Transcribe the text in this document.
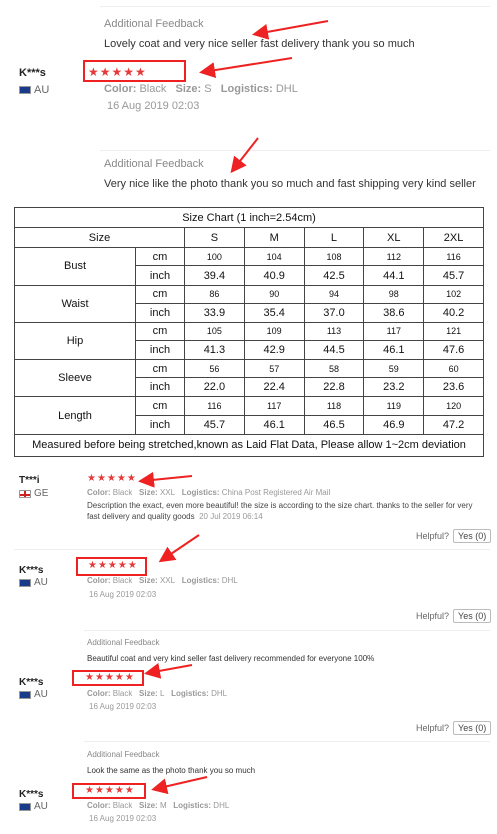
Additional Feedback
Lovely coat and very nice seller fast delivery thank you so much
K***s
AU
★★★★★
Color: Black Size: S Logistics: DHL
16 Aug 2019 02:03
Additional Feedback
Very nice like the photo thank you so much and fast shipping very kind seller
Size Chart (1 inch=2.54cm)						
Size		S	M	L	XL	2XL
Bust	cm	100	104	108	112	116
	inch	39.4	40.9	42.5	44.1	45.7
Waist	cm	86	90	94	98	102
	inch	33.9	35.4	37.0	38.6	40.2
Hip	cm	105	109	113	117	121
	inch	41.3	42.9	44.5	46.1	47.6
Sleeve	cm	56	57	58	59	60
	inch	22.0	22.4	22.8	23.2	23.6
Length	cm	116	117	118	119	120
	inch	45.7	46.1	46.5	46.9	47.2
Measured before being stretched,known as Laid Flat Data, Please allow 1~2cm deviation						
T***i
GE
★★★★★
Color: Black Size: XXL Logistics: China Post Registered Air Mail
Description the exact, even more beautiful! the size is according to the size chart. thanks to the seller for very fast delivery and quality goods 20 Jul 2019 06:14
Helpful?	Yes (0)
K***s
AU
★★★★★
Color: Black Size: XXL Logistics: DHL
16 Aug 2019 02:03
Helpful?	Yes (0)
Additional Feedback
Beautiful coat and very kind seller fast delivery recommended for everyone 100%
K***s
AU
★★★★★
Color: Black Size: L Logistics: DHL
16 Aug 2019 02:03
Helpful?	Yes (0)
Additional Feedback
Look the same as the photo thank you so much
K***s
AU
★★★★★
Color: Black Size: M Logistics: DHL
16 Aug 2019 02:03
